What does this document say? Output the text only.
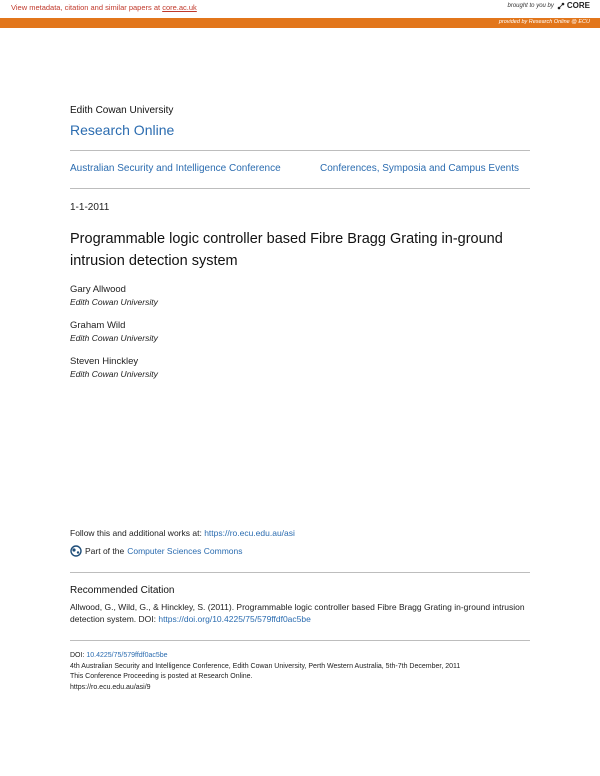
View metadata, citation and similar papers at core.ac.uk	brought to you by CORE
provided by Research Online @ ECU
Edith Cowan University
Research Online
Australian Security and Intelligence Conference	Conferences, Symposia and Campus Events
1-1-2011
Programmable logic controller based Fibre Bragg Grating in-ground intrusion detection system
Gary Allwood
Edith Cowan University
Graham Wild
Edith Cowan University
Steven Hinckley
Edith Cowan University
Follow this and additional works at: https://ro.ecu.edu.au/asi
Part of the Computer Sciences Commons
Recommended Citation
Allwood, G., Wild, G., & Hinckley, S. (2011). Programmable logic controller based Fibre Bragg Grating in-ground intrusion detection system. DOI: https://doi.org/10.4225/75/579ffdf0ac5be
DOI: 10.4225/75/579ffdf0ac5be
4th Australian Security and Intelligence Conference, Edith Cowan University, Perth Western Australia, 5th-7th December, 2011
This Conference Proceeding is posted at Research Online.
https://ro.ecu.edu.au/asi/9
